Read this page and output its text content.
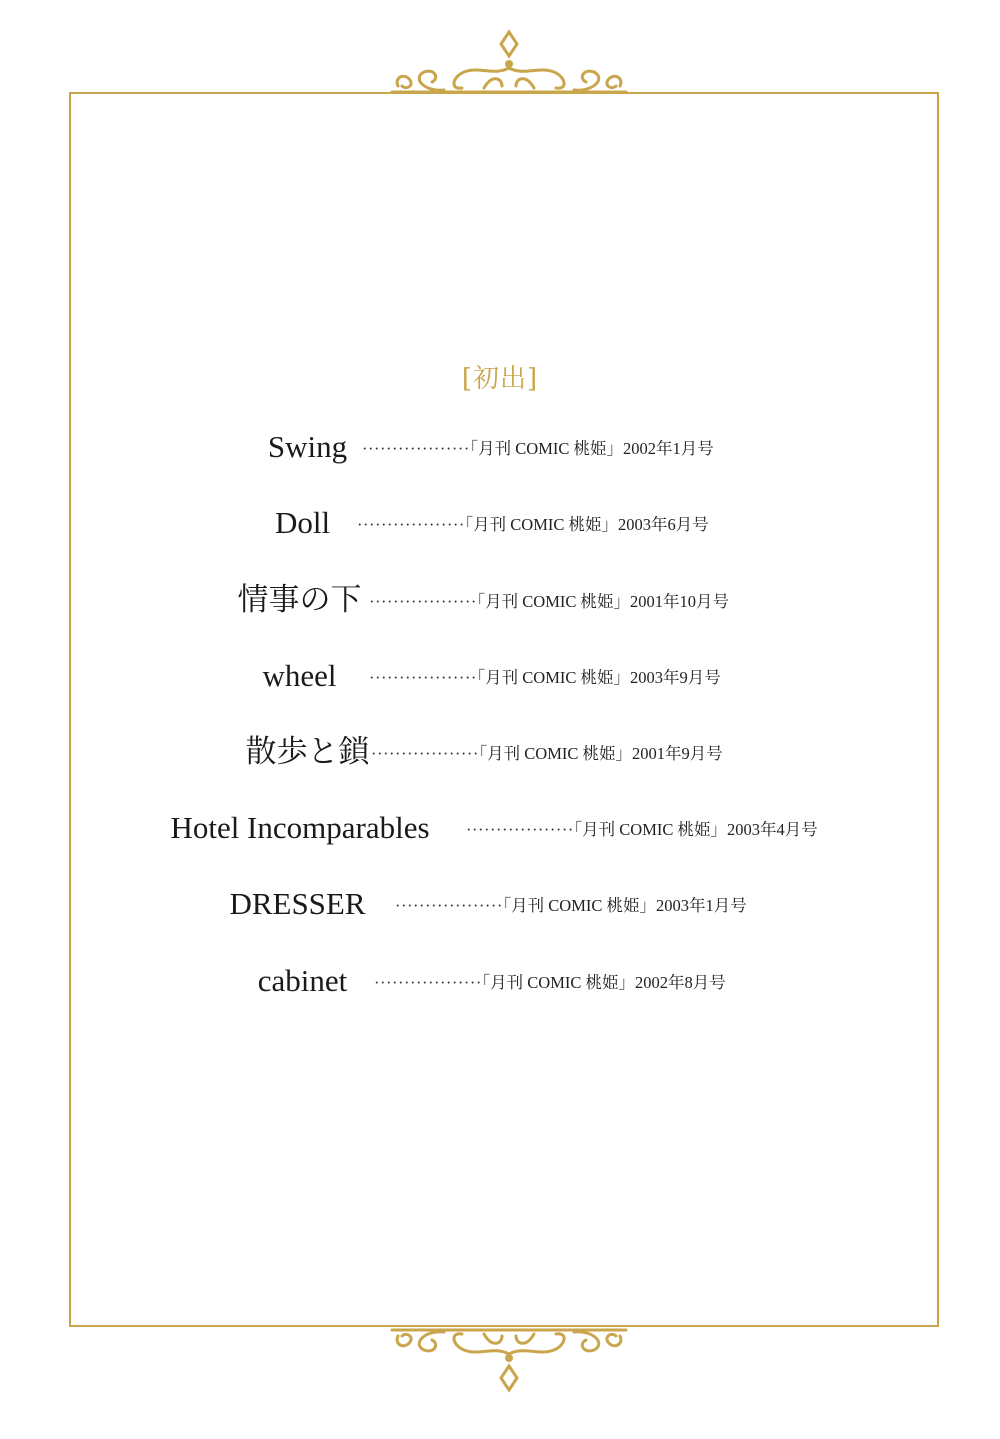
[初出]
Swing ··················「月刊 COMIC 桃姫」2002年1月号
Doll	··················「月刊 COMIC 桃姫」2003年6月号
情事の下 ··················「月刊 COMIC 桃姫」2001年10月号
wheel	··················「月刊 COMIC 桃姫」2003年9月号
散歩と鎖 ··················「月刊 COMIC 桃姫」2001年9月号
Hotel Incomparables	··················「月刊 COMIC 桃姫」2003年4月号
DRESSER	··················「月刊 COMIC 桃姫」2003年1月号
cabinet	··················「月刊 COMIC 桃姫」2002年8月号
